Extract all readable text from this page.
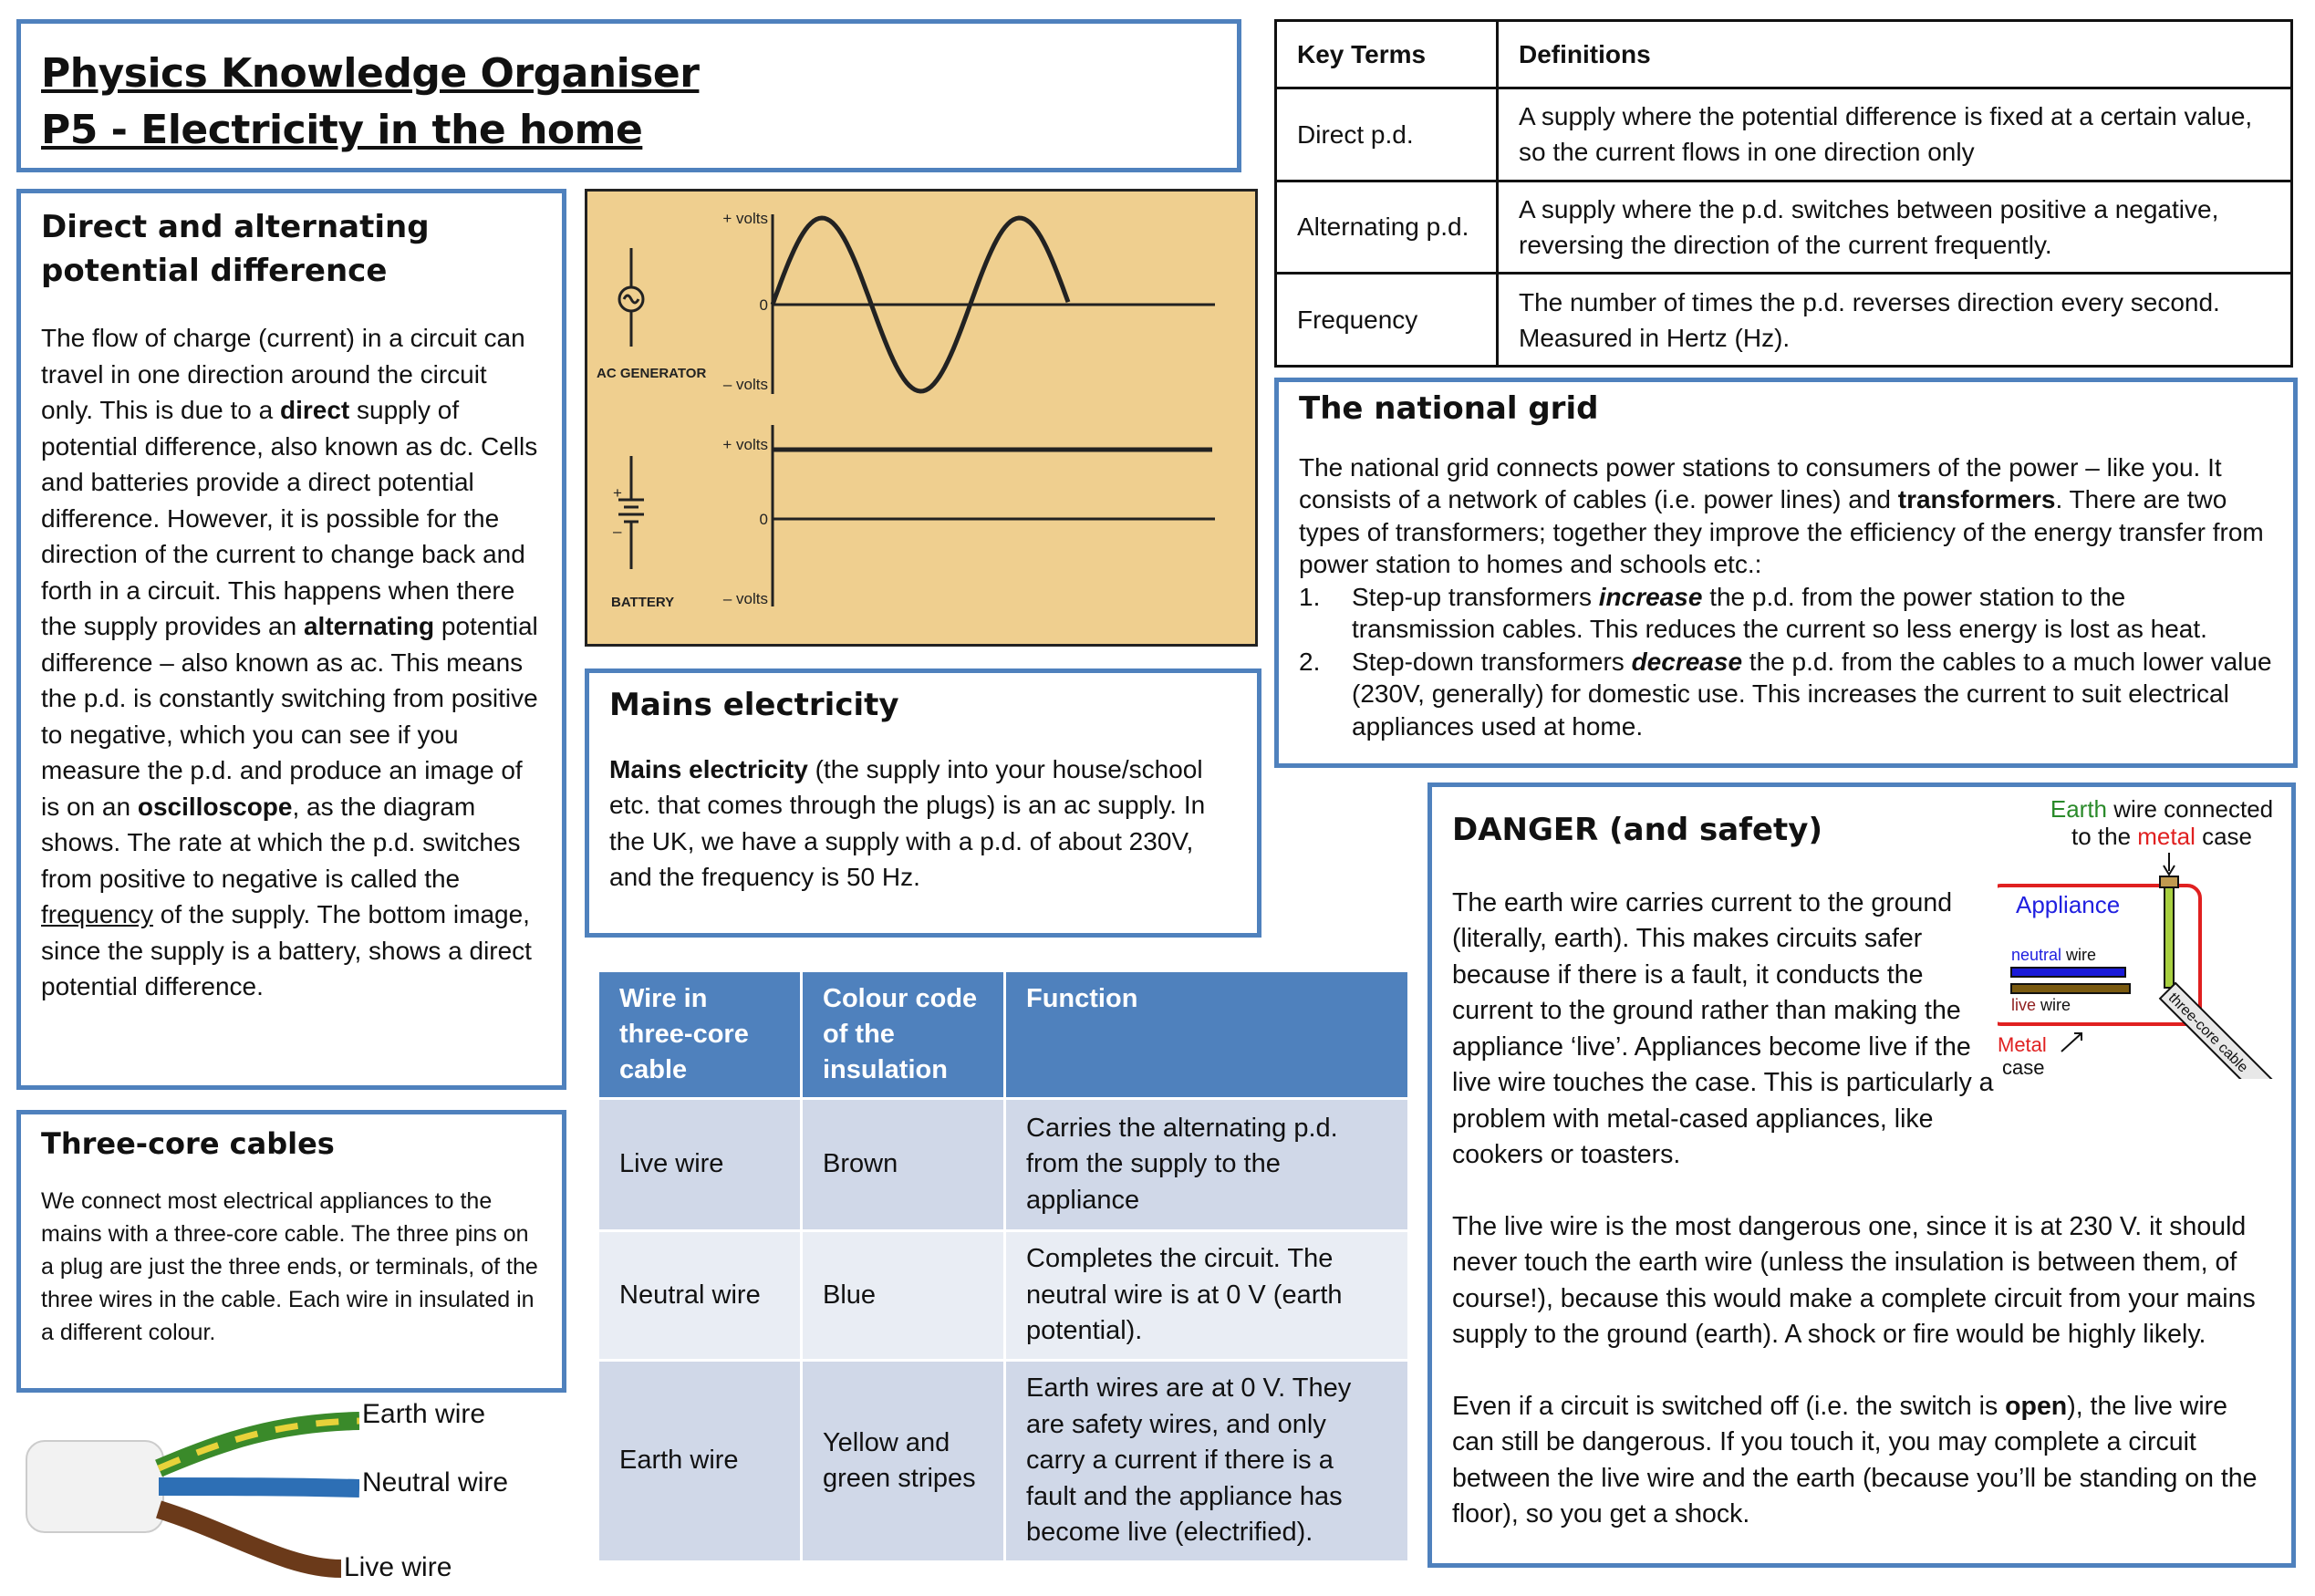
Physics Knowledge Organiser
P5 - Electricity in the home
Direct and alternating potential difference
The flow of charge (current) in a circuit can travel in one direction around the circuit only. This is due to a direct supply of potential difference, also known as dc. Cells and batteries provide a direct potential difference. However, it is possible for the direction of the current to change back and forth in a circuit. This happens when there the supply provides an alternating potential difference – also known as ac. This means the p.d. is constantly switching from positive to negative, which you can see if you measure the p.d. and produce an image of is on an oscilloscope, as the diagram shows. The rate at which the p.d. switches from positive to negative is called the frequency of the supply. The bottom image, since the supply is a battery, shows a direct potential difference.
+ volts
0
– volts
AC GENERATOR
+ volts
0
– volts
BATTERY
+
–
Mains electricity
Mains electricity (the supply into your house/school etc. that comes through the plugs) is an ac supply. In the UK, we have a supply with a p.d. of about 230V, and the frequency is 50 Hz.
Key Terms	Definitions
Direct p.d.	A supply where the potential difference is fixed at a certain value, so the current flows in one direction only
Alternating p.d.	A supply where the p.d. switches between positive a negative, reversing the direction of the current frequently.
Frequency	The number of times the p.d. reverses direction every second. Measured in Hertz (Hz).
The national grid
The national grid connects power stations to consumers of the power – like you. It consists of a network of cables (i.e. power lines) and transformers. There are two types of transformers; together they improve the efficiency of the energy transfer from power station to homes and schools etc.:
1.	Step-up transformers increase the p.d. from the power station to the transmission cables. This reduces the current so less energy is lost as heat.
2.	Step-down transformers decrease the p.d. from the cables to a much lower value (230V, generally) for domestic use. This increases the current to suit electrical appliances used at home.
Three-core cables
We connect most electrical appliances to the mains with a three-core cable. The three pins on a plug are just the three ends, or terminals, of the three wires in the cable. Each wire in insulated in a different colour.
Earth wire
Neutral wire
Live wire
Wire in three-core cable	Colour code of the insulation	Function
Live wire	Brown	Carries the alternating p.d. from the supply to the appliance
Neutral wire	Blue	Completes the circuit. The neutral wire is at 0 V (earth potential).
Earth wire	Yellow and green stripes	Earth wires are at 0 V. They are safety wires, and only carry a current if there is a fault and the appliance has become live (electrified).
DANGER (and safety)
The earth wire carries current to the ground (literally, earth). This makes circuits safer because if there is a fault, it conducts the current to the ground rather than making the appliance ‘live’. Appliances become live if the live wire touches the case. This is particularly a problem with metal-cased appliances, like cookers or toasters.
The live wire is the most dangerous one, since it is at 230 V. it should never touch the earth wire (unless the insulation is between them, of course!), because this would make a complete circuit from your mains supply to the ground (earth). A shock or fire would be highly likely.
Even if a circuit is switched off (i.e. the switch is open), the live wire can still be dangerous. If you touch it, you may complete a circuit between the live wire and the earth (because you’ll be standing on the floor), so you get a shock.
Earth wire connected
to the metal case
Appliance
neutral wire
live wire	three-core cable
Metal
case
